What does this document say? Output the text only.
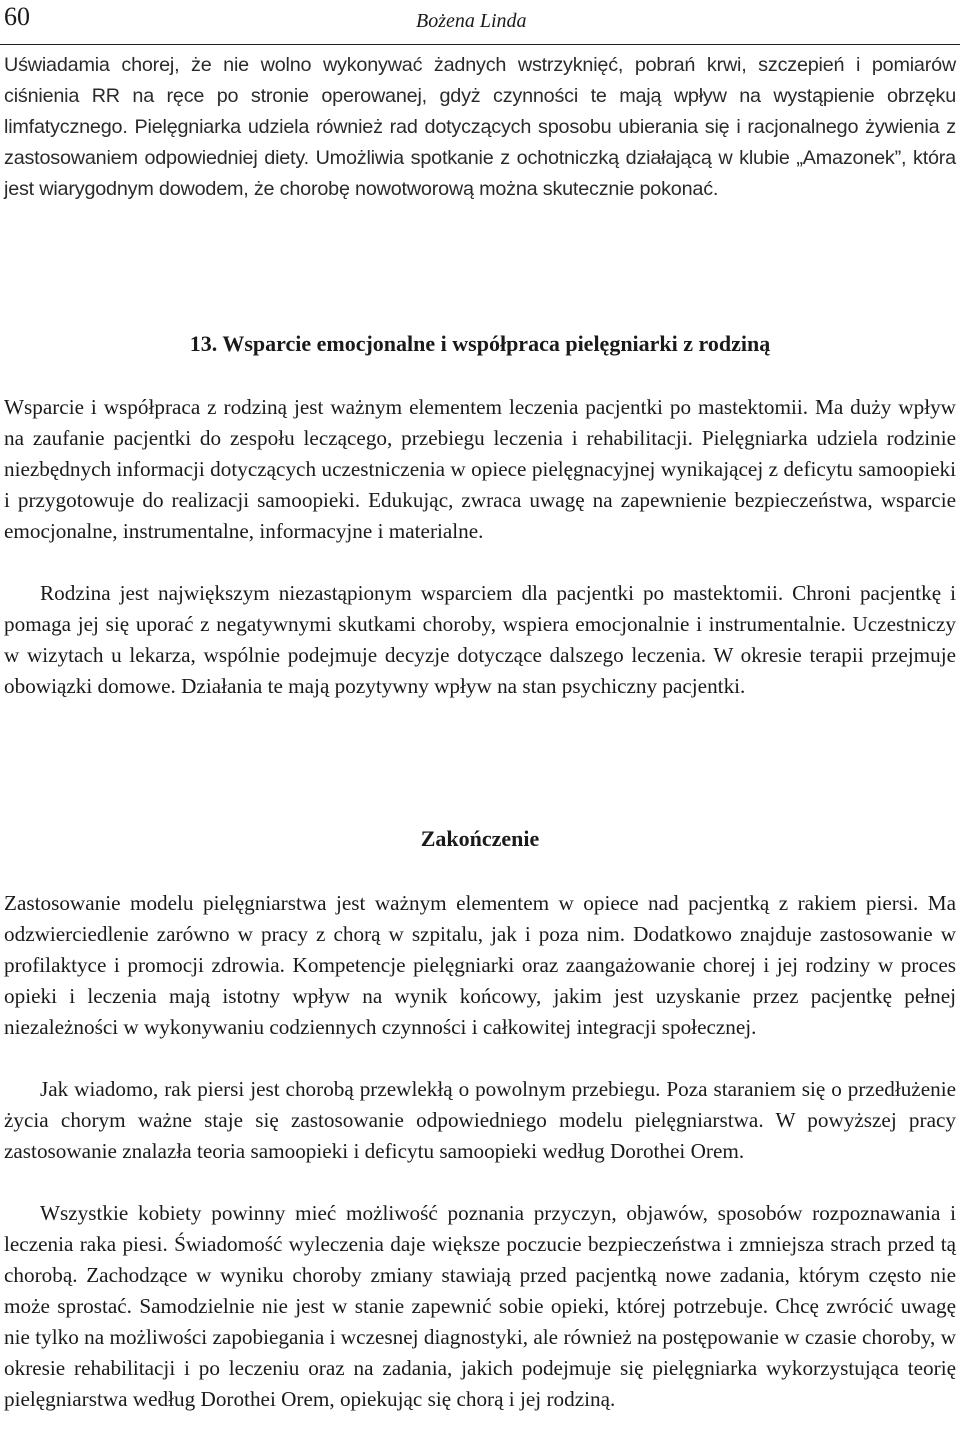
60	Bożena Linda

Uświadamia chorej, że nie wolno wykonywać żadnych wstrzyknięć, pobrań krwi, szczepień i pomiarów ciśnienia RR na ręce po stronie operowanej, gdyż czynności te mają wpływ na wystąpienie obrzęku limfatycznego. Pielęgniarka udziela również rad dotyczących sposobu ubierania się i racjonalnego żywienia z zastosowaniem odpowiedniej diety. Umożliwia spotkanie z ochotniczką działającą w klubie „Amazonek”, która jest wiarygodnym dowodem, że chorobę nowotworową można skutecznie pokonać.

13. Wsparcie emocjonalne i współpraca pielęgniarki z rodziną

Wsparcie i współpraca z rodziną jest ważnym elementem leczenia pacjentki po mastektomii. Ma duży wpływ na zaufanie pacjentki do zespołu leczącego, przebiegu leczenia i rehabilitacji. Pielęgniarka udziela rodzinie niezbędnych informacji dotyczących uczestniczenia w opiece pielęgnacyjnej wynikającej z deficytu samoopieki i przygotowuje do realizacji samoopieki. Edukując, zwraca uwagę na zapewnienie bezpieczeństwa, wsparcie emocjonalne, instrumentalne, informacyjne i materialne.

Rodzina jest największym niezastąpionym wsparciem dla pacjentki po mastektomii. Chroni pacjentkę i pomaga jej się uporać z negatywnymi skutkami choroby, wspiera emocjonalnie i instrumentalnie. Uczestniczy w wizytach u lekarza, wspólnie podejmuje decyzje dotyczące dalszego leczenia. W okresie terapii przejmuje obowiązki domowe. Działania te mają pozytywny wpływ na stan psychiczny pacjentki.

Zakończenie

Zastosowanie modelu pielęgniarstwa jest ważnym elementem w opiece nad pacjentką z rakiem piersi. Ma odzwierciedlenie zarówno w pracy z chorą w szpitalu, jak i poza nim. Dodatkowo znajduje zastosowanie w profilaktyce i promocji zdrowia. Kompetencje pielęgniarki oraz zaangażowanie chorej i jej rodziny w proces opieki i leczenia mają istotny wpływ na wynik końcowy, jakim jest uzyskanie przez pacjentkę pełnej niezależności w wykonywaniu codziennych czynności i całkowitej integracji społecznej.

Jak wiadomo, rak piersi jest chorobą przewlekłą o powolnym przebiegu. Poza staraniem się o przedłużenie życia chorym ważne staje się zastosowanie odpowiedniego modelu pielęgniarstwa. W powyższej pracy zastosowanie znalazła teoria samoopieki i deficytu samoopieki według Dorothei Orem.

Wszystkie kobiety powinny mieć możliwość poznania przyczyn, objawów, sposobów rozpoznawania i leczenia raka piesi. Świadomość wyleczenia daje większe poczucie bezpieczeństwa i zmniejsza strach przed tą chorobą. Zachodzące w wyniku choroby zmiany stawiają przed pacjentką nowe zadania, którym często nie może sprostać. Samodzielnie nie jest w stanie zapewnić sobie opieki, której potrzebuje. Chcę zwrócić uwagę nie tylko na możliwości zapobiegania i wczesnej diagnostyki, ale również na postępowanie w czasie choroby, w okresie rehabilitacji i po leczeniu oraz na zadania, jakich podejmuje się pielęgniarka wykorzystująca teorię pielęgniarstwa według Dorothei Orem, opiekując się chorą i jej rodziną.
